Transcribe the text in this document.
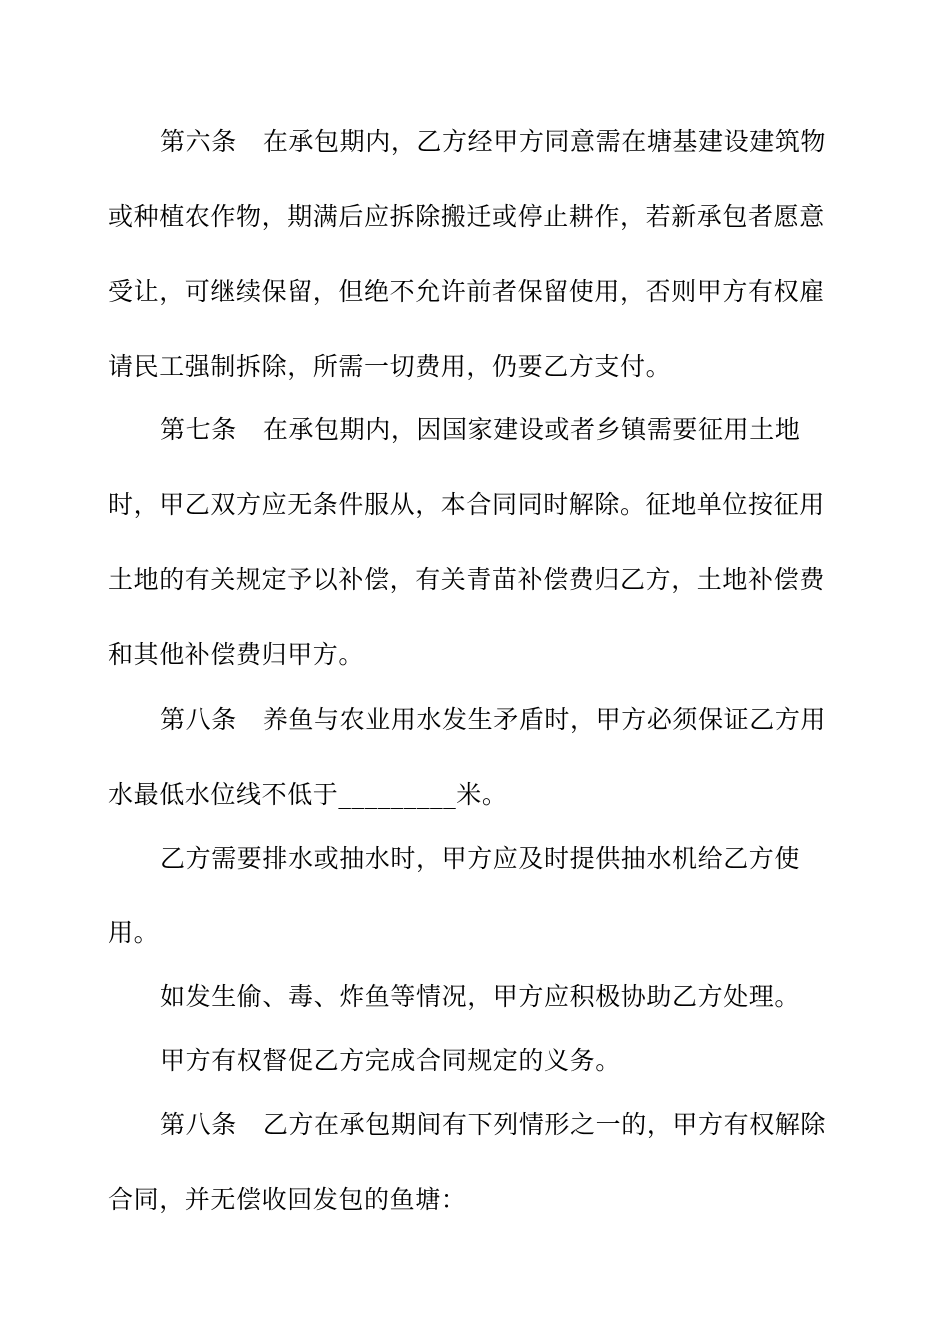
第六条 在承包期内，乙方经甲方同意需在塘基建设建筑物
或种植农作物，期满后应拆除搬迁或停止耕作，若新承包者愿意
受让，可继续保留，但绝不允许前者保留使用，否则甲方有权雇
请民工强制拆除，所需一切费用，仍要乙方支付。
第七条 在承包期内，因国家建设或者乡镇需要征用土地
时，甲乙双方应无条件服从，本合同同时解除。征地单位按征用
土地的有关规定予以补偿，有关青苗补偿费归乙方，土地补偿费
和其他补偿费归甲方。
第八条 养鱼与农业用水发生矛盾时，甲方必须保证乙方用
水最低水位线不低于_________米。
乙方需要排水或抽水时，甲方应及时提供抽水机给乙方使
用。
如发生偷、毒、炸鱼等情况，甲方应积极协助乙方处理。
甲方有权督促乙方完成合同规定的义务。
第八条 乙方在承包期间有下列情形之一的，甲方有权解除
合同，并无偿收回发包的鱼塘：
